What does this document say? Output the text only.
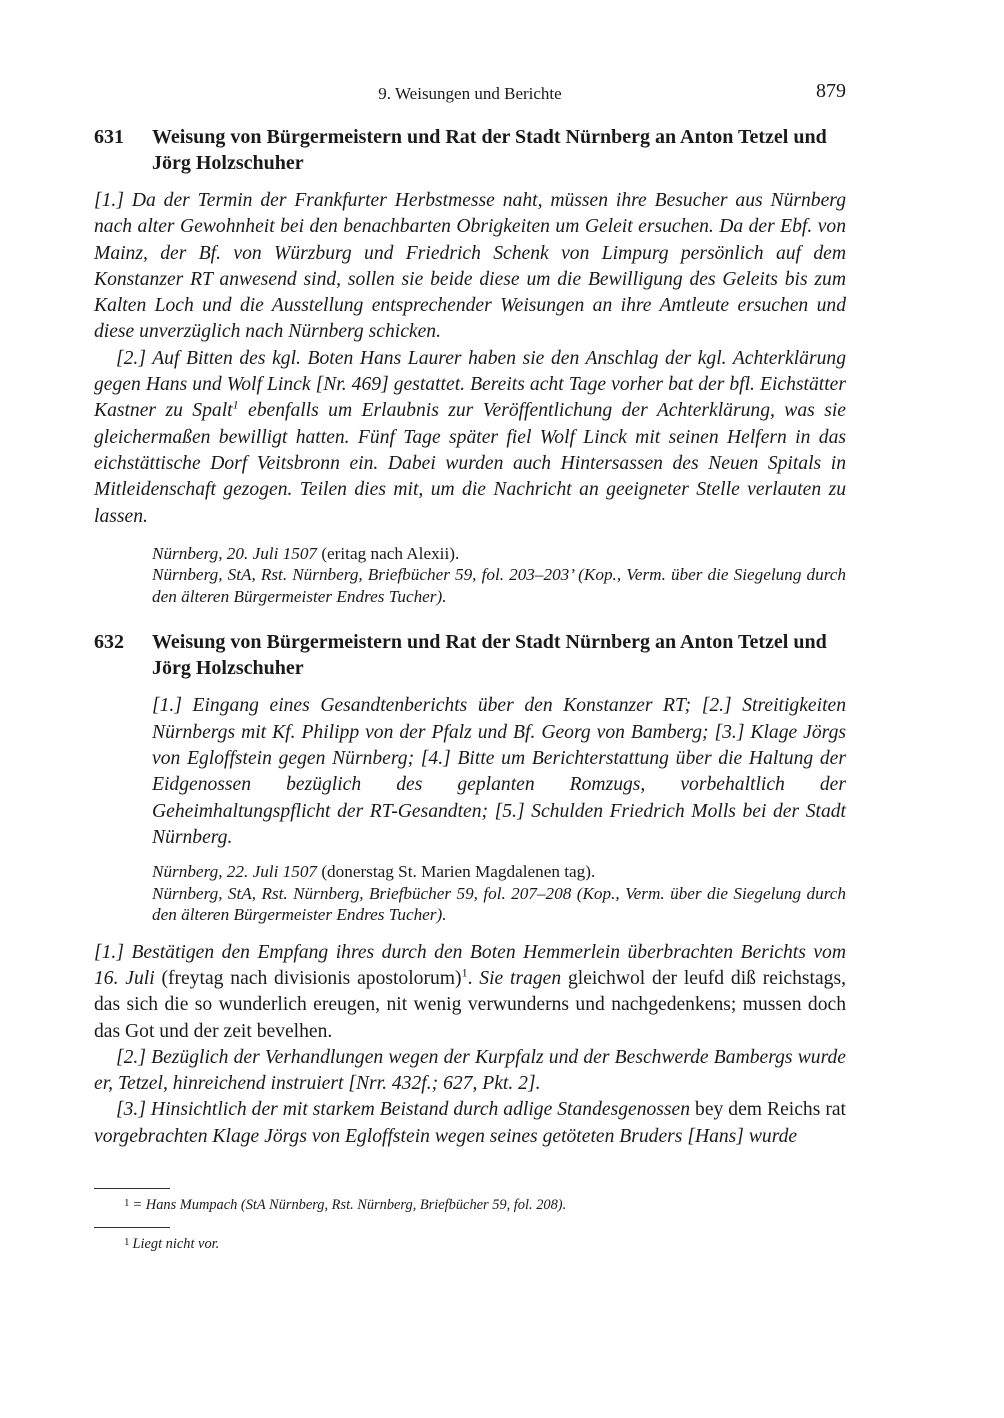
9. Weisungen und Berichte	879
631	Weisung von Bürgermeistern und Rat der Stadt Nürnberg an Anton Tetzel und Jörg Holzschuher

[1.] Da der Termin der Frankfurter Herbstmesse naht, müssen ihre Besucher aus Nürnberg nach alter Gewohnheit bei den benachbarten Obrigkeiten um Geleit ersuchen. Da der Ebf. von Mainz, der Bf. von Würzburg und Friedrich Schenk von Limpurg persönlich auf dem Konstanzer RT anwesend sind, sollen sie beide diese um die Bewilligung des Geleits bis zum Kalten Loch und die Ausstellung entsprechender Weisungen an ihre Amtleute ersuchen und diese unverzüglich nach Nürnberg schicken.

[2.] Auf Bitten des kgl. Boten Hans Laurer haben sie den Anschlag der kgl. Achterklärung gegen Hans und Wolf Linck [Nr. 469] gestattet. Bereits acht Tage vorher bat der bfl. Eichstätter Kastner zu Spalt$^1$ ebenfalls um Erlaubnis zur Veröffentlichung der Achterklärung, was sie gleichermaßen bewilligt hatten. Fünf Tage später fiel Wolf Linck mit seinen Helfern in das eichstättische Dorf Veitsbronn ein. Dabei wurden auch Hintersassen des Neuen Spitals in Mitleidenschaft gezogen. Teilen dies mit, um die Nachricht an geeigneter Stelle verlauten zu lassen.

Nürnberg, 20. Juli 1507 (eritag nach Alexii).
Nürnberg, StA, Rst. Nürnberg, Briefbücher 59, fol. 203–203’ (Kop., Verm. über die Siegelung durch den älteren Bürgermeister Endres Tucher).
632	Weisung von Bürgermeistern und Rat der Stadt Nürnberg an Anton Tetzel und Jörg Holzschuher

[1.] Eingang eines Gesandtenberichts über den Konstanzer RT; [2.] Streitigkeiten Nürnbergs mit Kf. Philipp von der Pfalz und Bf. Georg von Bamberg; [3.] Klage Jörgs von Egloffstein gegen Nürnberg; [4.] Bitte um Berichterstattung über die Haltung der Eidgenossen bezüglich des geplanten Romzugs, vorbehaltlich der Geheimhaltungspflicht der RT-Gesandten; [5.] Schulden Friedrich Molls bei der Stadt Nürnberg.

Nürnberg, 22. Juli 1507 (donerstag St. Marien Magdalenen tag).
Nürnberg, StA, Rst. Nürnberg, Briefbücher 59, fol. 207–208 (Kop., Verm. über die Siegelung durch den älteren Bürgermeister Endres Tucher).

[1.] Bestätigen den Empfang ihres durch den Boten Hemmerlein überbrachten Berichts vom 16. Juli (freytag nach divisionis apostolorum)$^1$. Sie tragen gleichwol der leufd diß reichstags, das sich die so wunderlich ereugen, nit wenig verwunderns und nachgedenkens; mussen doch das Got und der zeit bevelhen.

[2.] Bezüglich der Verhandlungen wegen der Kurpfalz und der Beschwerde Bambergs wurde er, Tetzel, hinreichend instruiert [Nrr. 432f.; 627, Pkt. 2].

[3.] Hinsichtlich der mit starkem Beistand durch adlige Standesgenossen bey dem Reichs rat vorgebrachten Klage Jörgs von Egloffstein wegen seines getöteten Bruders [Hans] wurde

$^1$ = Hans Mumpach (StA Nürnberg, Rst. Nürnberg, Briefbücher 59, fol. 208).
$^1$ Liegt nicht vor.
